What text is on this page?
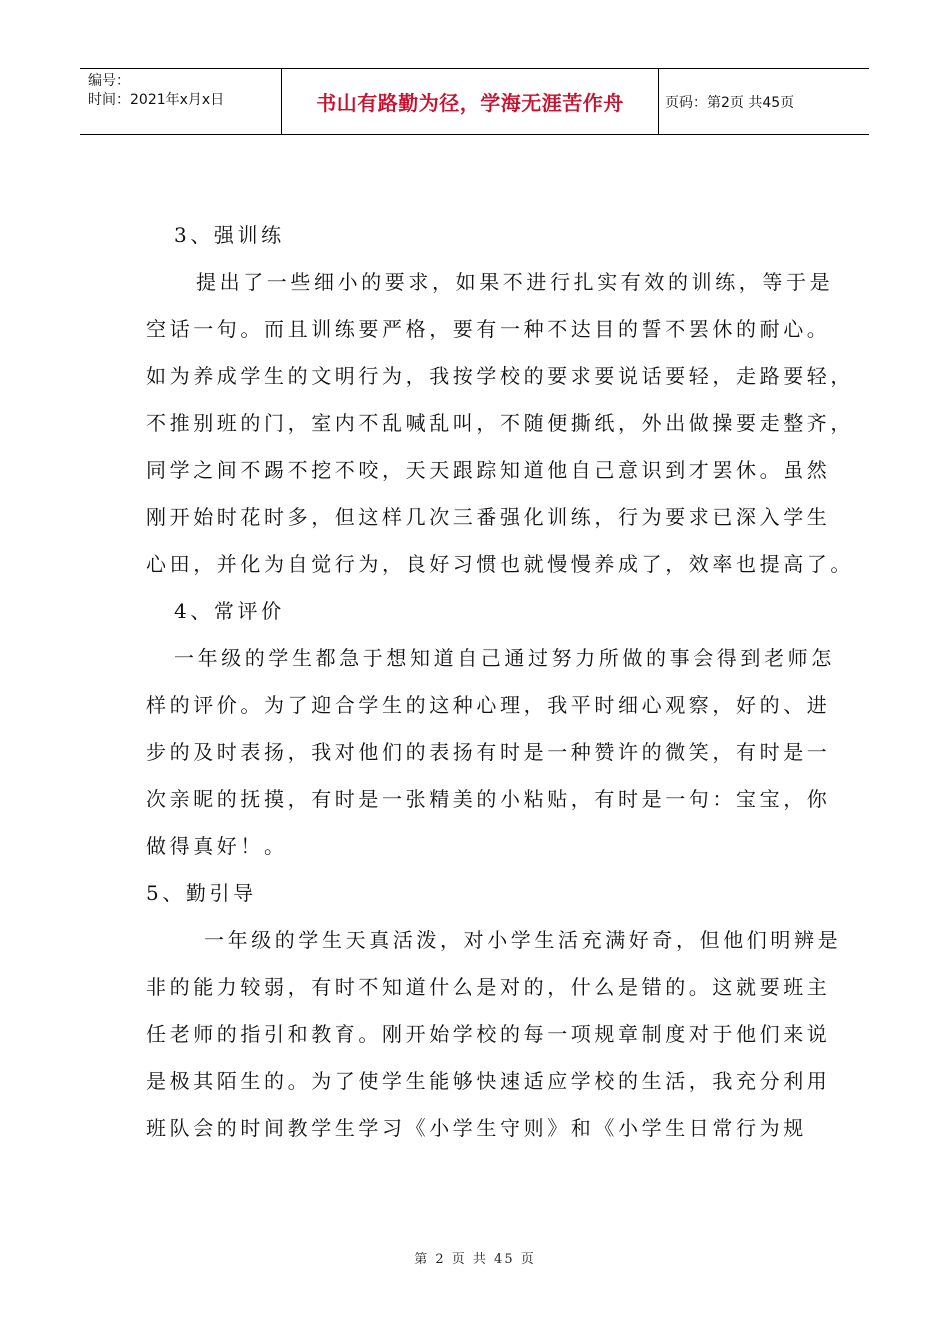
编号：
时间：2021年x月x日	书山有路勤为径，学海无涯苦作舟	页码：第2页 共45页
3、强训练
提出了一些细小的要求，如果不进行扎实有效的训练，等于是
空话一句。而且训练要严格，要有一种不达目的誓不罢休的耐心。
如为养成学生的文明行为，我按学校的要求要说话要轻，走路要轻，
不推别班的门，室内不乱喊乱叫，不随便撕纸，外出做操要走整齐，
同学之间不踢不挖不咬，天天跟踪知道他自己意识到才罢休。虽然
刚开始时花时多，但这样几次三番强化训练，行为要求已深入学生
心田，并化为自觉行为，良好习惯也就慢慢养成了，效率也提高了。
4、常评价
一年级的学生都急于想知道自己通过努力所做的事会得到老师怎
样的评价。为了迎合学生的这种心理，我平时细心观察，好的、进
步的及时表扬，我对他们的表扬有时是一种赞许的微笑，有时是一
次亲昵的抚摸，有时是一张精美的小粘贴，有时是一句：宝宝，你
做得真好！。
5、勤引导
一年级的学生天真活泼，对小学生活充满好奇，但他们明辨是
非的能力较弱，有时不知道什么是对的，什么是错的。这就要班主
任老师的指引和教育。刚开始学校的每一项规章制度对于他们来说
是极其陌生的。为了使学生能够快速适应学校的生活，我充分利用
班队会的时间教学生学习《小学生守则》和《小学生日常行为规
第 2 页 共 45 页
